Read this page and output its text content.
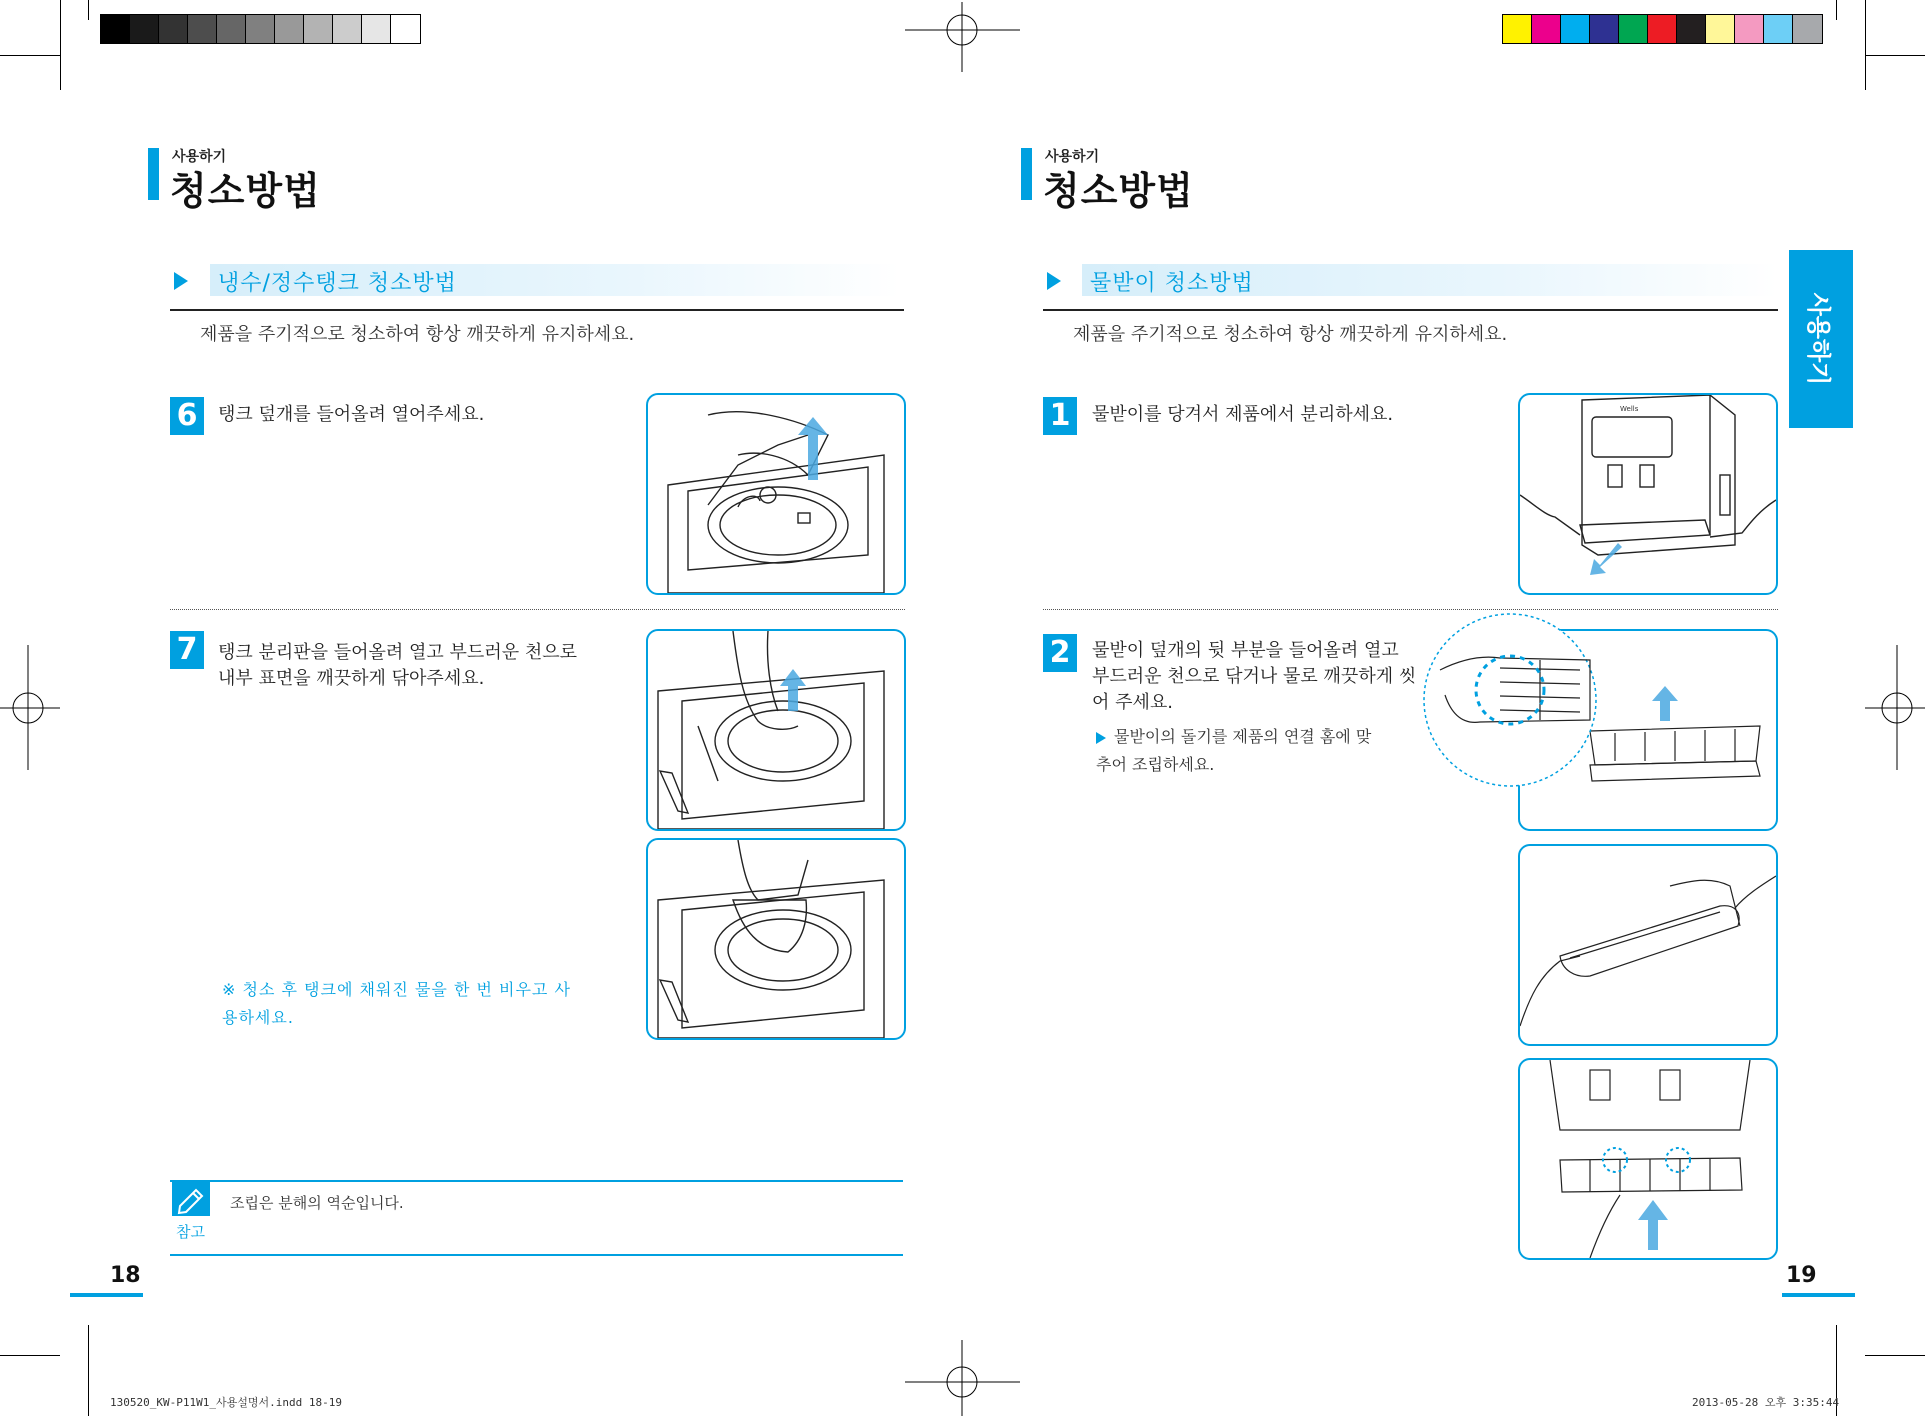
사용하기
청소방법
냉수/정수탱크 청소방법
제품을 주기적으로 청소하여 항상 깨끗하게 유지하세요.
6	탱크 덮개를 들어올려 열어주세요.
7	탱크 분리판을 들어올려 열고 부드러운 천으로 내부 표면을 깨끗하게 닦아주세요.
※ 청소 후 탱크에 채워진 물을 한 번 비우고 사용하세요.
참고
조립은 분해의 역순입니다.
18
사용하기
청소방법
물받이 청소방법
제품을 주기적으로 청소하여 항상 깨끗하게 유지하세요.	사용하기
1	물받이를 당겨서 제품에서 분리하세요.	Wells
2	물받이 덮개의 뒷 부분을 들어올려 열고 부드러운 천으로 닦거나 물로 깨끗하게 씻어 주세요.
물받이의 돌기를 제품의 연결 홈에 맞추어 조립하세요.
19
130520_KW-P11W1_사용설명서.indd 18-19	2013-05-28 오후 3:35:44
